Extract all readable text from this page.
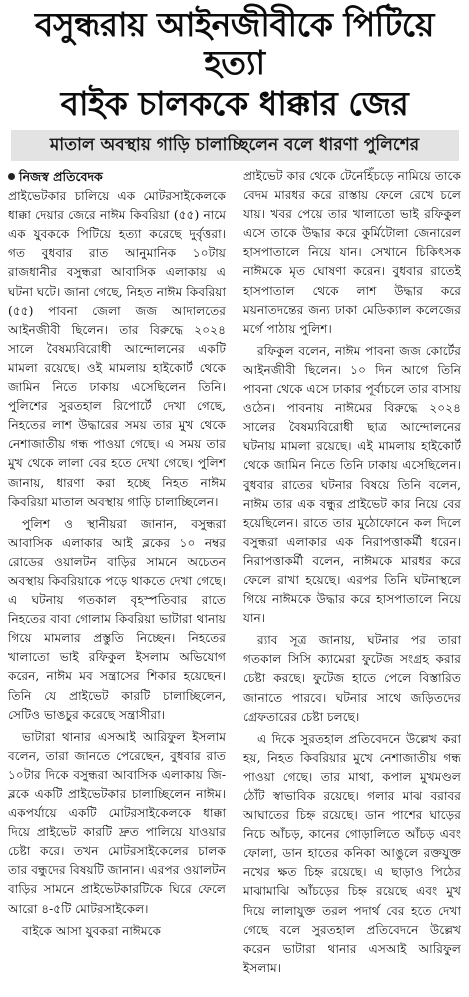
বসুন্ধরায় আইনজীবীকে পিটিয়ে হত্যা
বাইক চালককে ধাক্কার জের
মাতাল অবস্থায় গাড়ি চালাচ্ছিলেন বলে ধারণা পুলিশের
নিজস্ব প্রতিবেদক

প্রাইভেটকার চালিয়ে এক মোটরসাইকেলকে ধাক্কা দেয়ার জেরে নাঈম কিবরিয়া (৫৫) নামে এক যুবককে পিটিয়ে হত্যা করেছে দুর্বৃত্তরা। গত বুধবার রাত আনুমানিক ১০টায় রাজধানীর বসুন্ধরা আবাসিক এলাকায় এ ঘটনা ঘটে। জানা গেছে, নিহত নাঈম কিবরিয়া (৫৫) পাবনা জেলা জজ আদালতের আইনজীবী ছিলেন। তার বিরুদ্ধে ২০২৪ সালে বৈষম্যবিরোধী আন্দোলনের একটি মামলা রয়েছে। ওই মামলায় হাইকোর্ট থেকে জামিন নিতে ঢাকায় এসেছিলেন তিনি। পুলিশের সুরতহাল রিপোর্টে দেখা গেছে, নিহতের লাশ উদ্ধারের সময় তার মুখ থেকে নেশাজাতীয় গন্ধ পাওয়া গেছে। এ সময় তার মুখ থেকে লালা বের হতে দেখা গেছে। পুলিশ জানায়, ধারণা করা হচ্ছে নিহত নাঈম কিবরিয়া মাতাল অবস্থায় গাড়ি চালাচ্ছিলেন।

পুলিশ ও স্থানীয়রা জানান, বসুন্ধরা আবাসিক এলাকার আই ব্লকের ১০ নম্বর রোডের ওয়ালটন বাড়ির সামনে অচেতন অবস্থায় কিবরিয়াকে পড়ে থাকতে দেখা গেছে। এ ঘটনায় গতকাল বৃহস্পতিবার রাতে নিহতের বাবা গোলাম কিবরিয়া ভাটারা থানায় গিয়ে মামলার প্রস্তুতি নিচ্ছেন। নিহতের খালাতো ভাই রফিকুল ইসলাম অভিযোগ করেন, নাঈম মব সন্ত্রাসের শিকার হয়েছেন। তিনি যে প্রাইভেট কারটি চালাচ্ছিলেন, সেটিও ভাঙচুর করেছে সন্ত্রাসীরা।

ভাটারা থানার এসআই আরিফুল ইসলাম বলেন, তারা জানতে পেরেছেন, বুধবার রাত ১০টার দিকে বসুন্ধরা আবাসিক এলাকায় জি-ব্লকে একটি প্রাইভেটকার চালাচ্ছিলেন নাঈম। একপর্যায়ে একটি মোটরসাইকেলকে ধাক্কা দিয়ে প্রাইভেট কারটি দ্রুত পালিয়ে যাওয়ার চেষ্টা করে। তখন মোটরসাইকেলের চালক তার বন্ধুদের বিষয়টি জানান। এরপর ওয়ালটন বাড়ির সামনে প্রাইভেটকারটিকে ঘিরে ফেলে আরো ৪-৫টি মোটরসাইকেল।

বাইকে আসা যুবকরা নাঈমকে

প্রাইভেট কার থেকে টেনেহিঁচড়ে নামিয়ে তাকে বেদম মারধর করে রাস্তায় ফেলে রেখে চলে যায়। খবর পেয়ে তার খালাতো ভাই রফিকুল এসে তাকে উদ্ধার করে কুর্মিটোলা জেনারেল হাসপাতালে নিয়ে যান। সেখানে চিকিৎসক নাঈমকে মৃত ঘোষণা করেন। বুধবার রাতেই হাসপাতাল থেকে লাশ উদ্ধার করে ময়নাতদন্তের জন্য ঢাকা মেডিক্যাল কলেজের মর্গে পাঠায় পুলিশ।

রফিকুল বলেন, নাঈম পাবনা জজ কোর্টের আইনজীবী ছিলেন। ১০ দিন আগে তিনি পাবনা থেকে এসে ঢাকার পূর্বাচলে তার বাসায় ওঠেন। পাবনায় নাঈমের বিরুদ্ধে ২০২৪ সালের বৈষম্যবিরোধী ছাত্র আন্দোলনের ঘটনায় মামলা রয়েছে। এই মামলায় হাইকোর্ট থেকে জামিন নিতে তিনি ঢাকায় এসেছিলেন। বুধবার রাতের ঘটনার বিষয়ে তিনি বলেন, নাঈম তার এক বন্ধুর প্রাইভেট কার নিয়ে বের হয়েছিলেন। রাতে তার মুঠোফোনে কল দিলে বসুন্ধরা এলাকার এক নিরাপত্তাকর্মী ধরেন। নিরাপত্তাকর্মী বলেন, নাঈমকে মারধর করে ফেলে রাখা হয়েছে। এরপর তিনি ঘটনাস্থলে গিয়ে নাঈমকে উদ্ধার করে হাসপাতালে নিয়ে যান।

র‍্যাব সূত্র জানায়, ঘটনার পর তারা গতকাল সিসি ক্যামেরা ফুটেজ সংগ্রহ করার চেষ্টা করছে। ফুটেজ হাতে পেলে বিস্তারিত জানাতে পারবে। ঘটনার সাথে জড়িতদের গ্রেফতারের চেষ্টা চলছে।

এ দিকে সুরতহাল প্রতিবেদনে উল্লেখ করা হয়, নিহত কিবরিয়ার মুখে নেশাজাতীয় গন্ধ পাওয়া গেছে। তার মাথা, কপাল মুখমণ্ডল ঠোঁট স্বাভাবিক রয়েছে। গলার মাঝ বরাবর আঘাতের চিহ্ন রয়েছে। ডান পাশের ঘাড়ের নিচে আঁচড়, কানের গোড়ালিতে আঁচড় এবং ফোলা, ডান হাতের কনিকা আঙুলে রক্তযুক্ত নখের ক্ষত চিহ্ন রয়েছে। এ ছাড়াও পিঠের মাঝামাঝি আঁচড়ের চিহ্ন রয়েছে এবং মুখ দিয়ে লালাযুক্ত তরল পদার্থ বের হতে দেখা গেছে বলে সুরতহাল প্রতিবেদনে উল্লেখ করেন ভাটারা থানার এসআই আরিফুল ইসলাম।
